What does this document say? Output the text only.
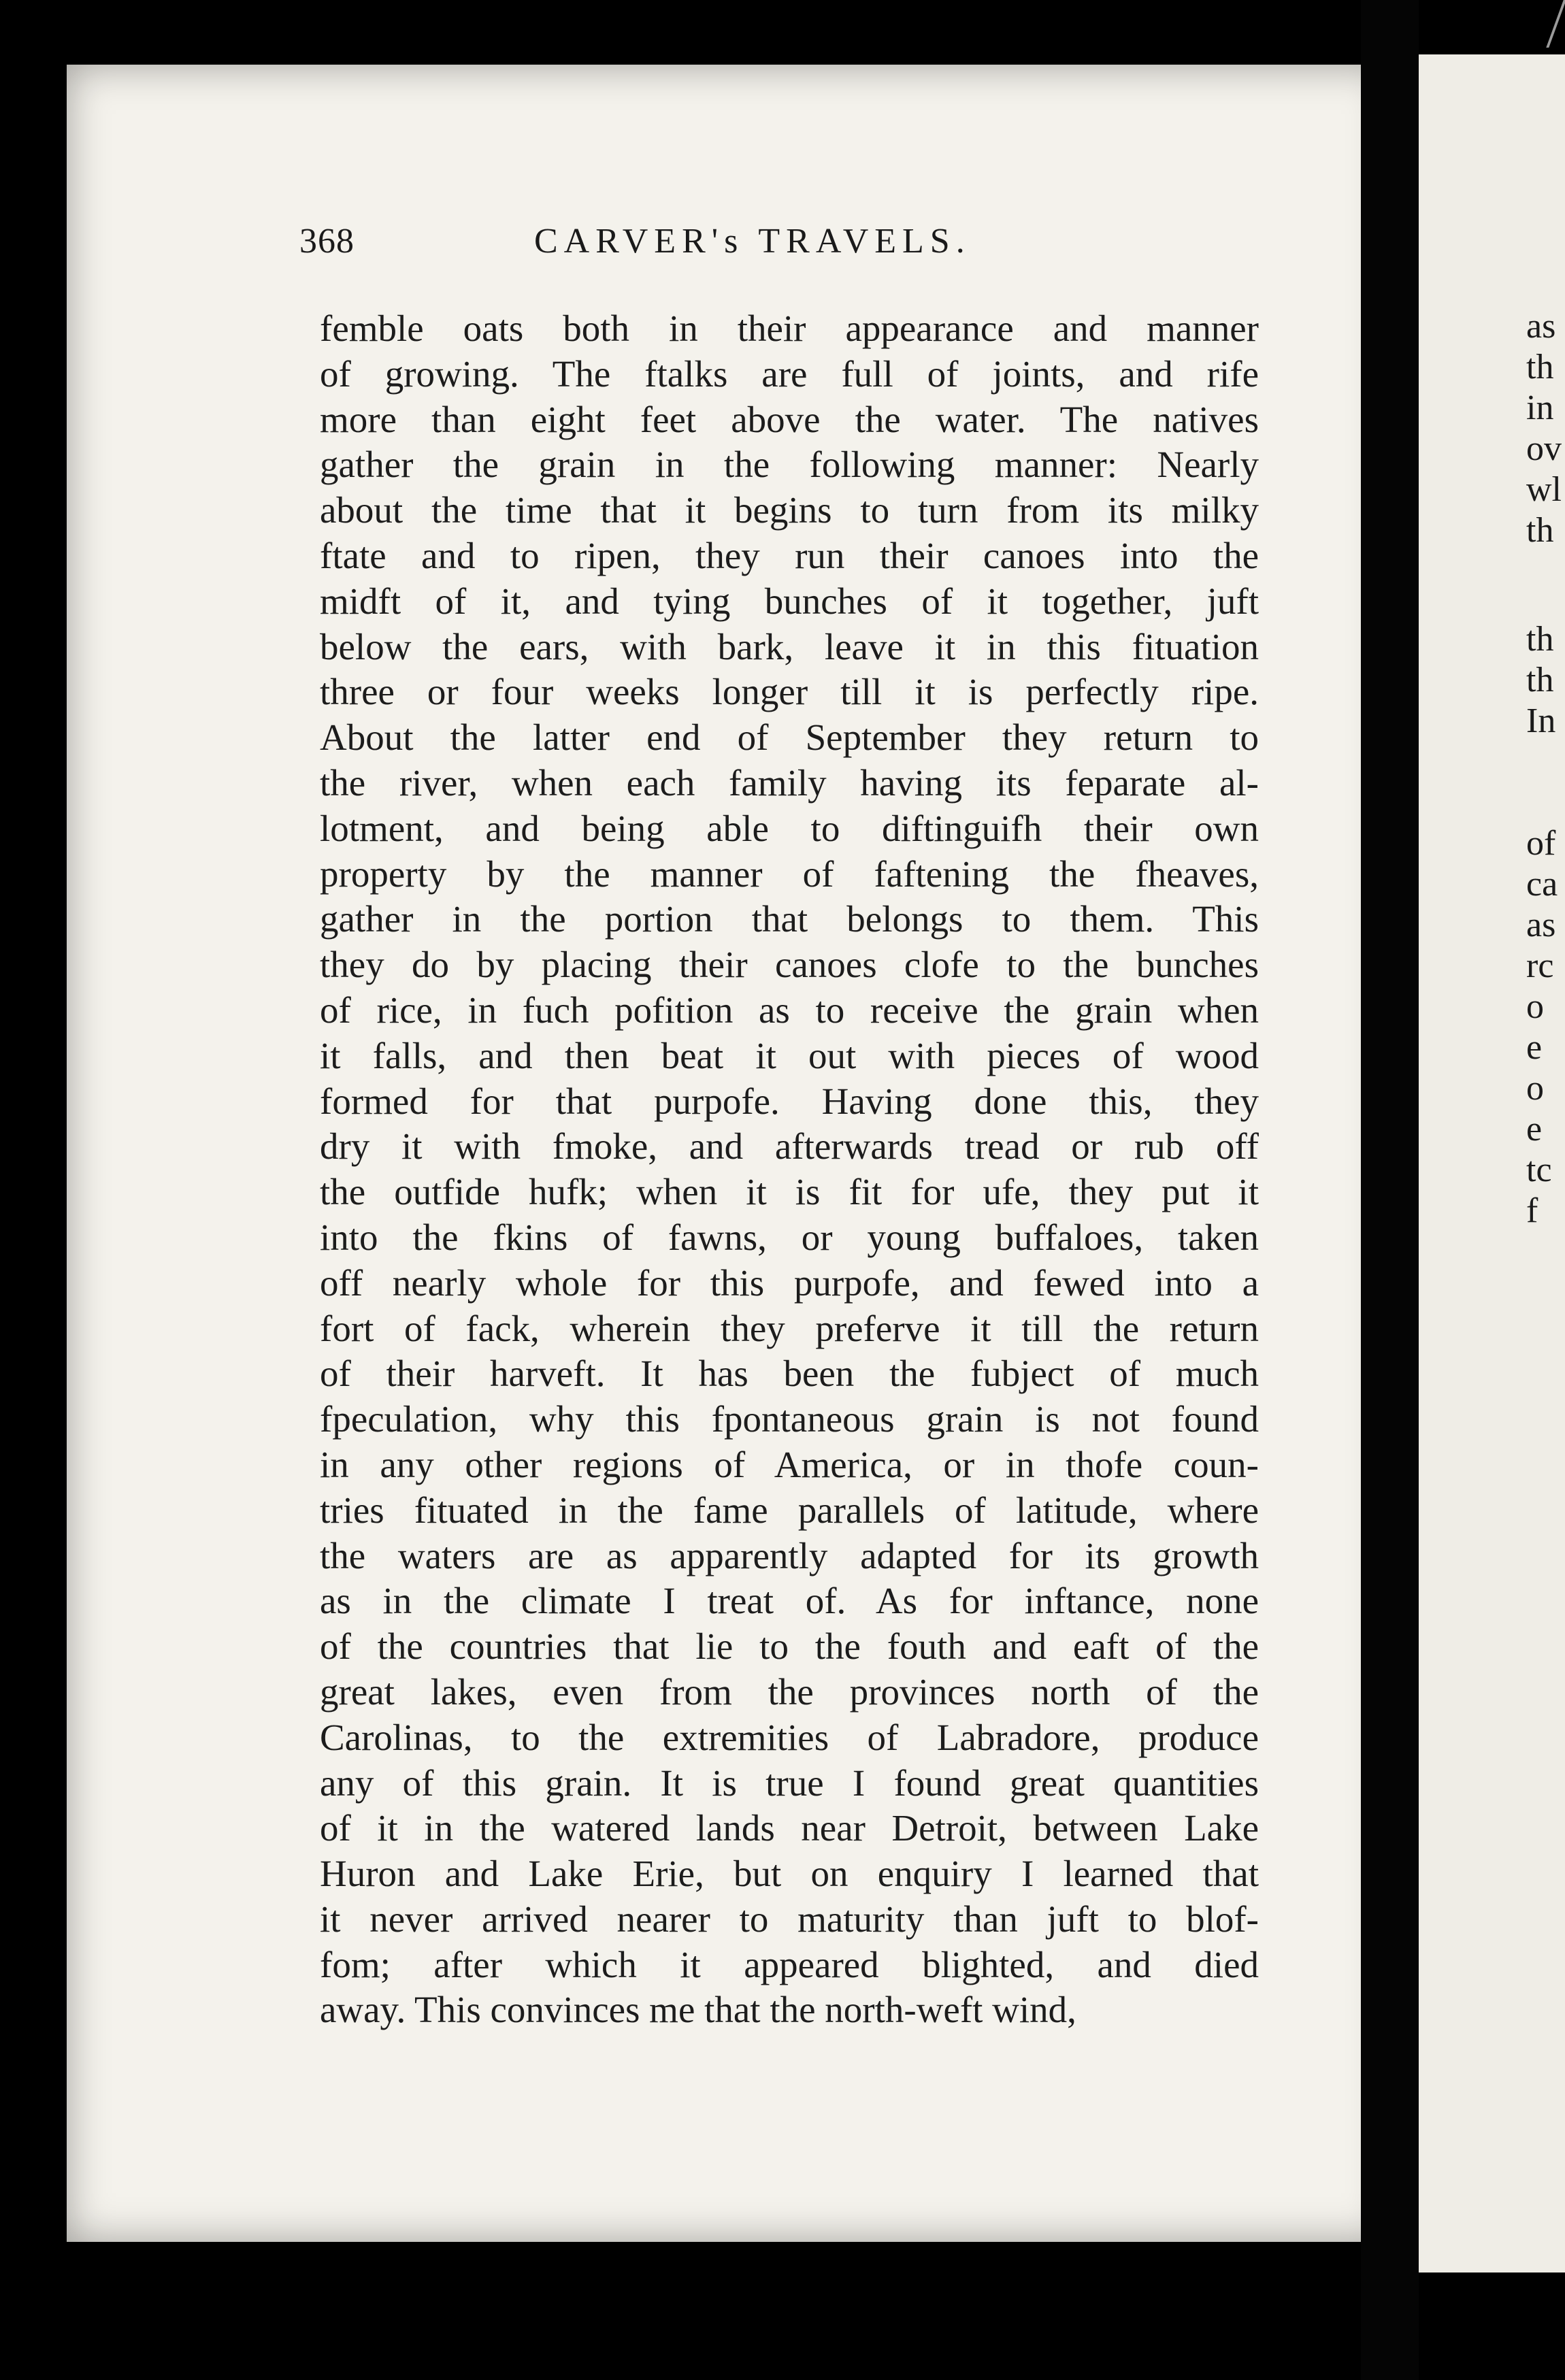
as
th
in
ov
wl
th
th
th
In
of
ca
as
rc
o
e
o
e
tc
f
368	CARVER's TRAVELS.
femble oats both in their appearance and manner
of growing. The ftalks are full of joints, and rife
more than eight feet above the water. The natives
gather the grain in the following manner: Nearly
about the time that it begins to turn from its milky
ftate and to ripen, they run their canoes into the
midft of it, and tying bunches of it together, juft
below the ears, with bark, leave it in this fituation
three or four weeks longer till it is perfectly ripe.
About the latter end of September they return to
the river, when each family having its feparate al-
lotment, and being able to diftinguifh their own
property by the manner of faftening the fheaves,
gather in the portion that belongs to them. This
they do by placing their canoes clofe to the bunches
of rice, in fuch pofition as to receive the grain when
it falls, and then beat it out with pieces of wood
formed for that purpofe. Having done this, they
dry it with fmoke, and afterwards tread or rub off
the outfide hufk; when it is fit for ufe, they put it
into the fkins of fawns, or young buffaloes, taken
off nearly whole for this purpofe, and fewed into a
fort of fack, wherein they preferve it till the return
of their harveft. It has been the fubject of much
fpeculation, why this fpontaneous grain is not found
in any other regions of America, or in thofe coun-
tries fituated in the fame parallels of latitude, where
the waters are as apparently adapted for its growth
as in the climate I treat of. As for inftance, none
of the countries that lie to the fouth and eaft of the
great lakes, even from the provinces north of the
Carolinas, to the extremities of Labradore, produce
any of this grain. It is true I found great quantities
of it in the watered lands near Detroit, between Lake
Huron and Lake Erie, but on enquiry I learned that
it never arrived nearer to maturity than juft to blof-
fom; after which it appeared blighted, and died
away. This convinces me that the north-weft wind,
